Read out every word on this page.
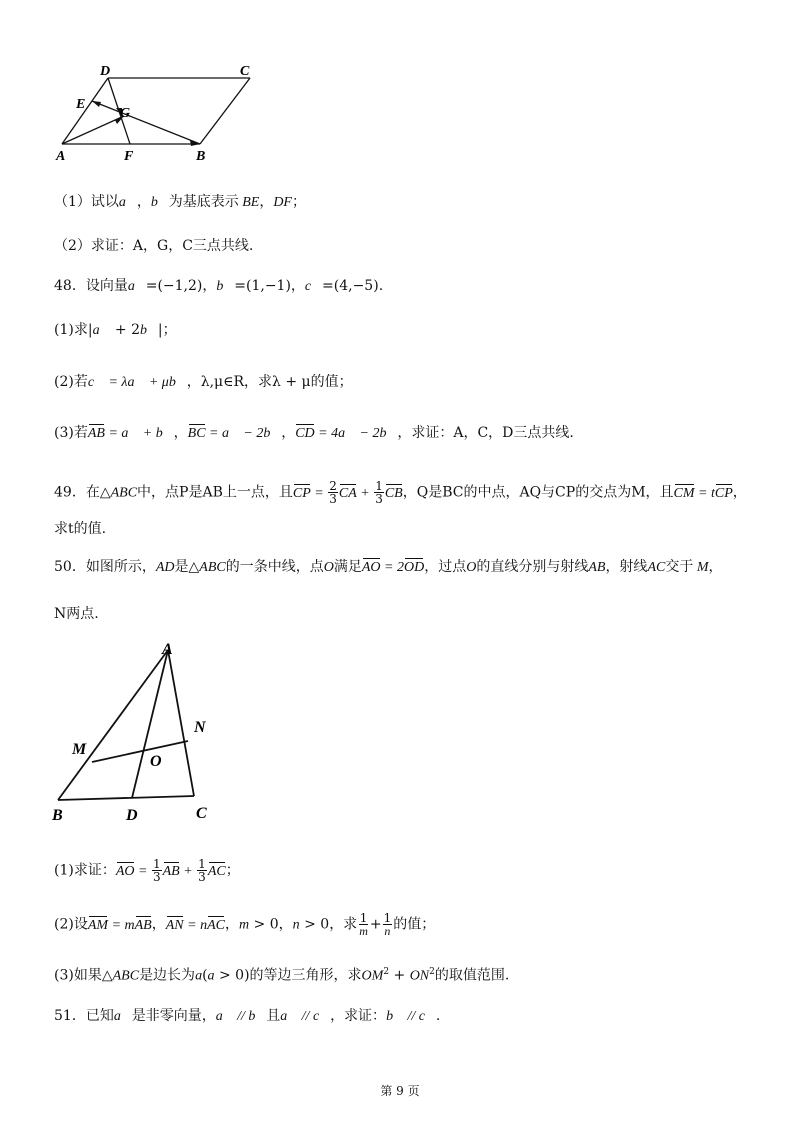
D	C
E
G
A	F	B
（1）试以a⃗，b⃗为基底表示 BE，DF；
（2）求证：A，G，C三点共线.
48．设向量a⃗=(−1,2)，b⃗=(1,−1)，c⃗=(4,−5).
(1)求|a⃗ + 2b⃗|；
(2)若c⃗ = λa⃗ + μb⃗，λ,μ∈R，求λ + μ的值；
(3)若AB = a⃗ + b⃗，BC = a⃗ − 2b⃗，CD = 4a⃗ − 2b⃗，求证：A，C，D三点共线.
49．在△ABC中，点P是AB上一点，且CP = $\frac{2}{3}$ CA + $\frac{1}{3}$ CB，Q是BC的中点，AQ与CP的交点为M，且CM = tCP，
求t的值.
50．如图所示，AD是△ABC的一条中线，点O满足AO = 2OD，过点O的直线分别与射线AB，射线AC交于 M，
N两点.
A
N
M
O
B	D	C
(1)求证：AO = $\frac{1}{3}$ AB + $\frac{1}{3}$ AC；
(2)设AM = mAB，AN = nAC，m > 0，n > 0，求 $\frac{1}{m} + \frac{1}{n}$ 的值；
(3)如果△ABC是边长为a(a > 0)的等边三角形，求$OM^2 + ON^2$的取值范围.
51．已知a⃗是非零向量，a⃗ // b⃗且a⃗ // c⃗，求证：b⃗ // c⃗.
第 9 页
